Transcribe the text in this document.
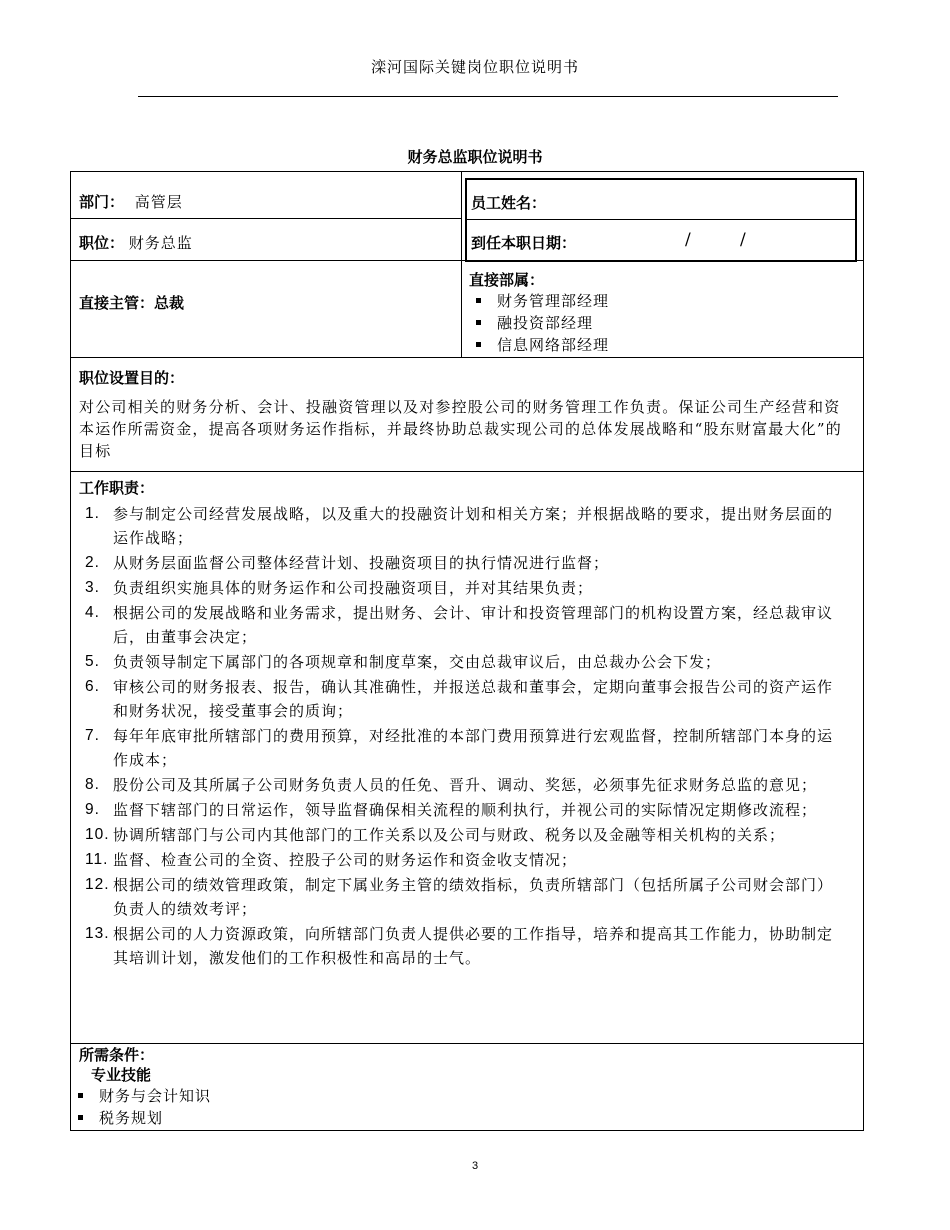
滦河国际关键岗位职位说明书
财务总监职位说明书
部门： 高管层
职位： 财务总监
员工姓名：
到任本职日期：	/	/
直接主管：总裁
直接部属：
财务管理部经理
融投资部经理
信息网络部经理
职位设置目的：
对公司相关的财务分析、会计、投融资管理以及对参控股公司的财务管理工作负责。保证公司生产经营和资本运作所需资金，提高各项财务运作指标，并最终协助总裁实现公司的总体发展战略和“股东财富最大化”的目标
工作职责：
1. 参与制定公司经营发展战略，以及重大的投融资计划和相关方案；并根据战略的要求，提出财务层面的运作战略；
2. 从财务层面监督公司整体经营计划、投融资项目的执行情况进行监督；
3. 负责组织实施具体的财务运作和公司投融资项目，并对其结果负责；
4. 根据公司的发展战略和业务需求，提出财务、会计、审计和投资管理部门的机构设置方案，经总裁审议后，由董事会决定；
5. 负责领导制定下属部门的各项规章和制度草案，交由总裁审议后，由总裁办公会下发；
6. 审核公司的财务报表、报告，确认其准确性，并报送总裁和董事会，定期向董事会报告公司的资产运作和财务状况，接受董事会的质询；
7. 每年年底审批所辖部门的费用预算，对经批准的本部门费用预算进行宏观监督，控制所辖部门本身的运作成本；
8. 股份公司及其所属子公司财务负责人员的任免、晋升、调动、奖惩，必须事先征求财务总监的意见；
9. 监督下辖部门的日常运作，领导监督确保相关流程的顺利执行，并视公司的实际情况定期修改流程；
10. 协调所辖部门与公司内其他部门的工作关系以及公司与财政、税务以及金融等相关机构的关系；
11. 监督、检查公司的全资、控股子公司的财务运作和资金收支情况；
12. 根据公司的绩效管理政策，制定下属业务主管的绩效指标，负责所辖部门（包括所属子公司财会部门）负责人的绩效考评；
13. 根据公司的人力资源政策，向所辖部门负责人提供必要的工作指导，培养和提高其工作能力，协助制定其培训计划，激发他们的工作积极性和高昂的士气。
所需条件：
专业技能
财务与会计知识
税务规划
3
